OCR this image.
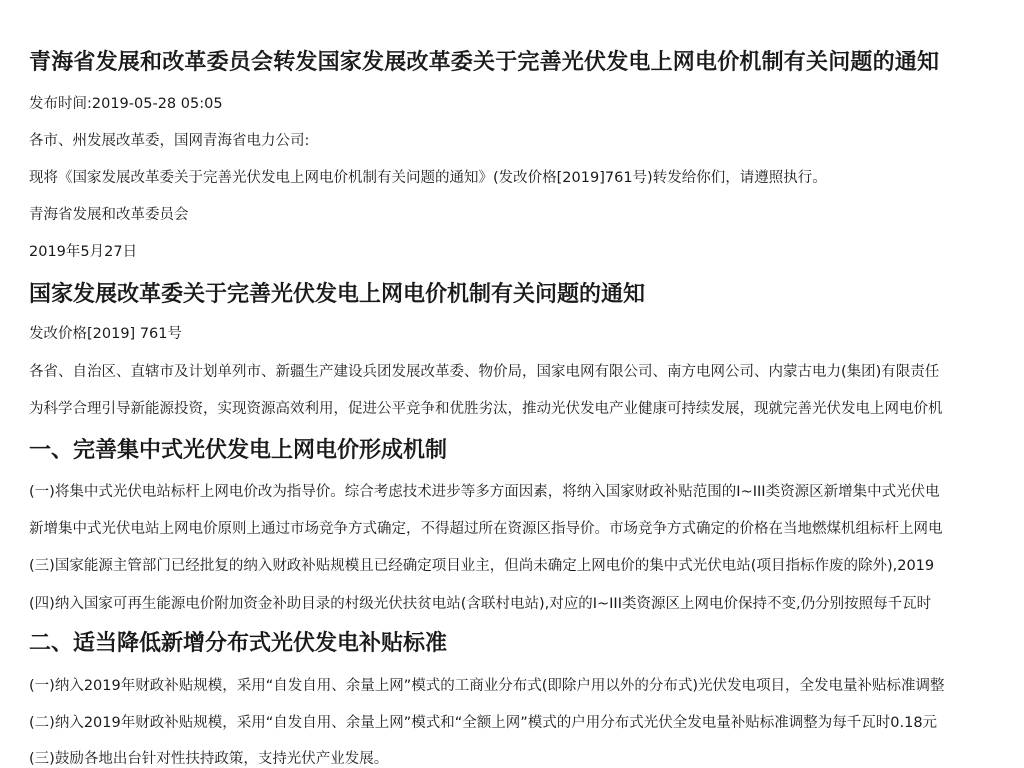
青海省发展和改革委员会转发国家发展改革委关于完善光伏发电上网电价机制有关问题的通知

发布时间:2019-05-28 05:05

各市、州发展改革委，国网青海省电力公司:

现将《国家发展改革委关于完善光伏发电上网电价机制有关问题的通知》(发改价格[2019]761号)转发给你们，请遵照执行。

青海省发展和改革委员会

2019年5月27日

国家发展改革委关于完善光伏发电上网电价机制有关问题的通知

发改价格[2019] 761号

各省、自治区、直辖市及计划单列市、新疆生产建设兵团发展改革委、物价局，国家电网有限公司、南方电网公司、内蒙古电力(集团)有限责任

为科学合理引导新能源投资，实现资源高效利用，促进公平竞争和优胜劣汰，推动光伏发电产业健康可持续发展，现就完善光伏发电上网电价机

一、完善集中式光伏发电上网电价形成机制

(一)将集中式光伏电站标杆上网电价改为指导价。综合考虑技术进步等多方面因素，将纳入国家财政补贴范围的I~III类资源区新增集中式光伏电

新增集中式光伏电站上网电价原则上通过市场竞争方式确定，不得超过所在资源区指导价。市场竞争方式确定的价格在当地燃煤机组标杆上网电

(三)国家能源主管部门已经批复的纳入财政补贴规模且已经确定项目业主，但尚未确定上网电价的集中式光伏电站(项目指标作废的除外),2019

(四)纳入国家可再生能源电价附加资金补助目录的村级光伏扶贫电站(含联村电站),对应的I~III类资源区上网电价保持不变,仍分别按照每千瓦时

二、适当降低新增分布式光伏发电补贴标准

(一)纳入2019年财政补贴规模，采用“自发自用、余量上网”模式的工商业分布式(即除户用以外的分布式)光伏发电项目，全发电量补贴标准调整

(二)纳入2019年财政补贴规模，采用“自发自用、余量上网”模式和“全额上网”模式的户用分布式光伏全发电量补贴标准调整为每千瓦时0.18元

(三)鼓励各地出台针对性扶持政策，支持光伏产业发展。
